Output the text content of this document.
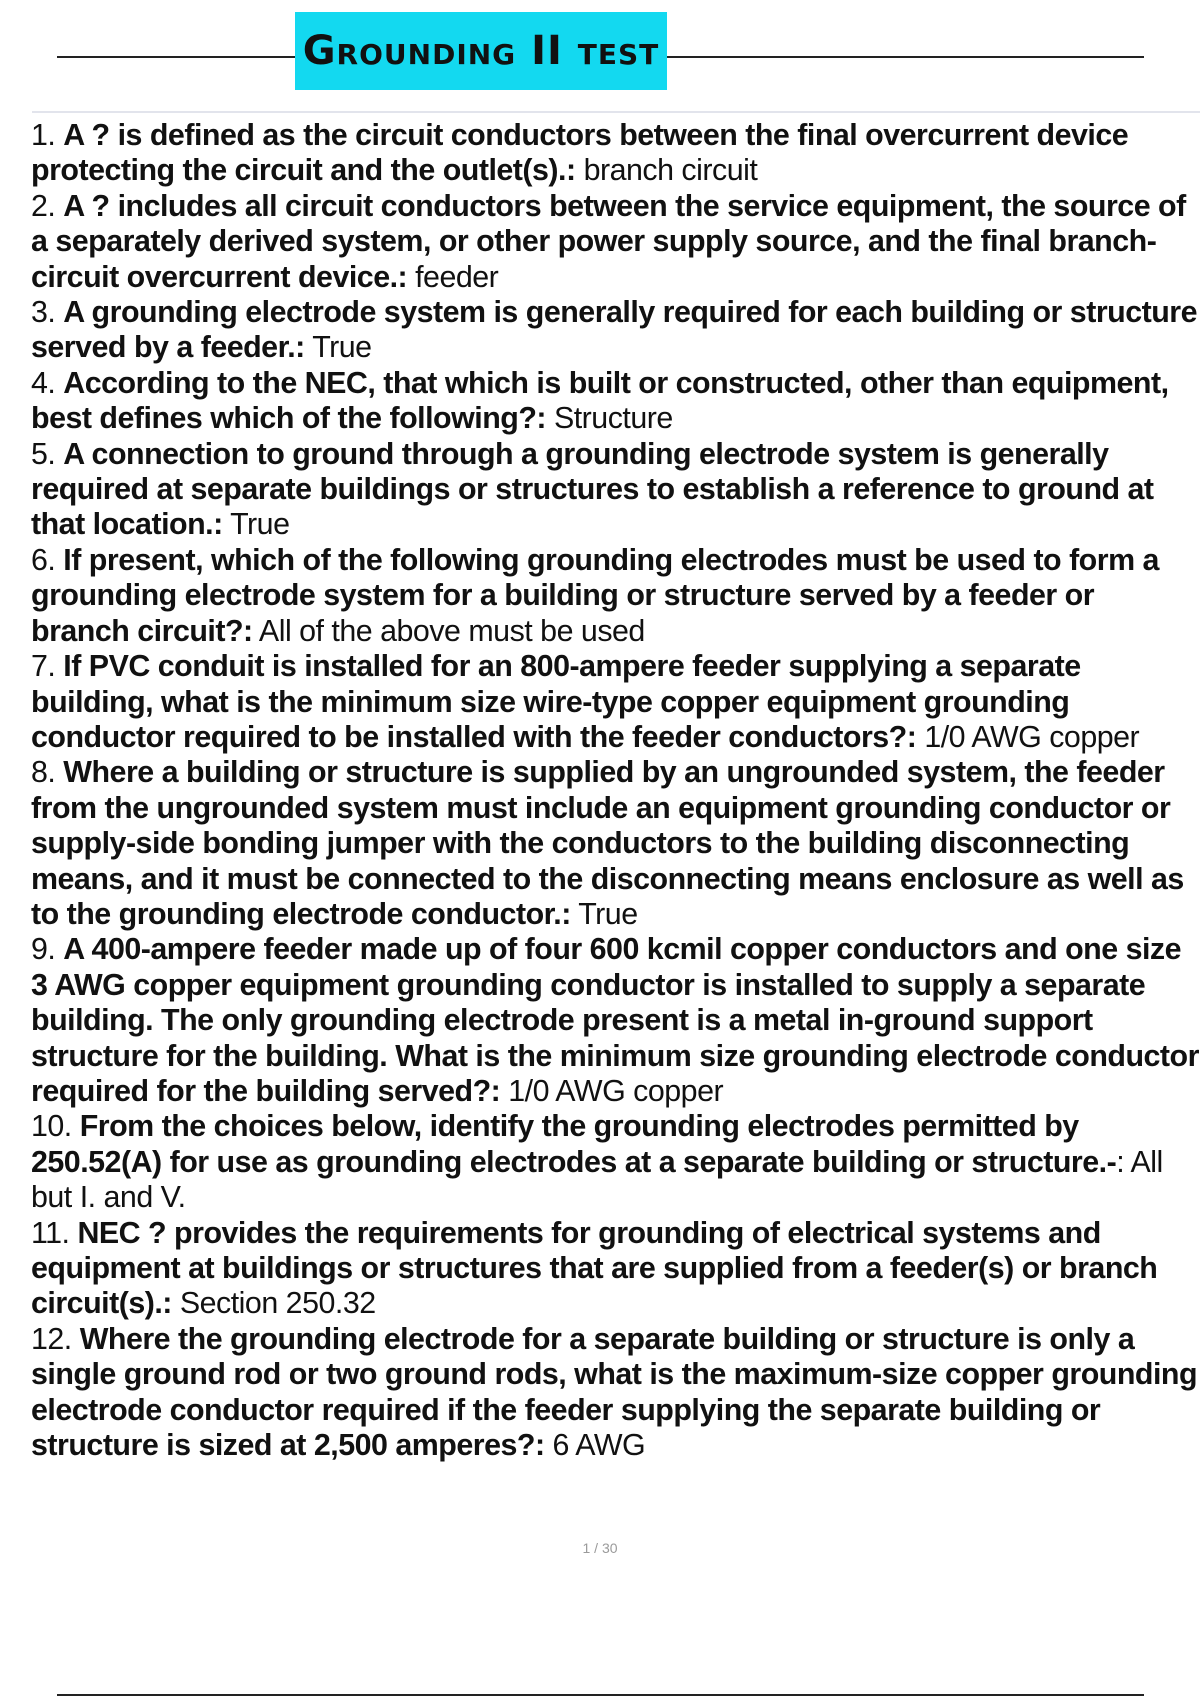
Grounding II test

1. A ? is defined as the circuit conductors between the final overcurrent device protecting the circuit and the outlet(s).: branch circuit

2. A ? includes all circuit conductors between the service equipment, the source of a separately derived system, or other power supply source, and the final branch-circuit overcurrent device.: feeder

3. A grounding electrode system is generally required for each building or structure served by a feeder.: True

4. According to the NEC, that which is built or constructed, other than equipment, best defines which of the following?: Structure

5. A connection to ground through a grounding electrode system is generally required at separate buildings or structures to establish a reference to ground at that location.: True

6. If present, which of the following grounding electrodes must be used to form a grounding electrode system for a building or structure served by a feeder or branch circuit?: All of the above must be used

7. If PVC conduit is installed for an 800-ampere feeder supplying a separate building, what is the minimum size wire-type copper equipment grounding conductor required to be installed with the feeder conductors?: 1/0 AWG copper

8. Where a building or structure is supplied by an ungrounded system, the feeder from the ungrounded system must include an equipment grounding conductor or supply-side bonding jumper with the conductors to the building disconnecting means, and it must be connected to the disconnecting means enclosure as well as to the grounding electrode conductor.: True

9. A 400-ampere feeder made up of four 600 kcmil copper conductors and one size 3 AWG copper equipment grounding conductor is installed to supply a separate building. The only grounding electrode present is a metal in-ground support structure for the building. What is the minimum size grounding electrode conductor required for the building served?: 1/0 AWG copper

10. From the choices below, identify the grounding electrodes permitted by 250.52(A) for use as grounding electrodes at a separate building or structure.-: All but I. and V.

11. NEC ? provides the requirements for grounding of electrical systems and equipment at buildings or structures that are supplied from a feeder(s) or branch circuit(s).: Section 250.32

12. Where the grounding electrode for a separate building or structure is only a single ground rod or two ground rods, what is the maximum-size copper grounding electrode conductor required if the feeder supplying the separate building or structure is sized at 2,500 amperes?: 6 AWG

1 / 30
